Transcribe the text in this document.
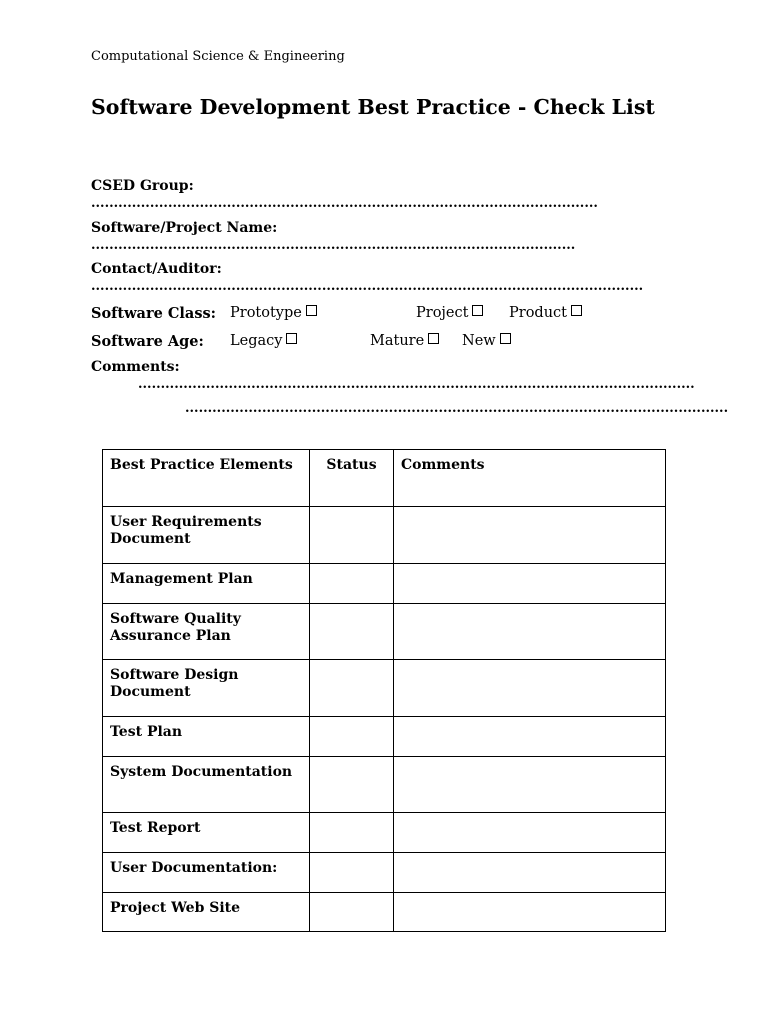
Computational Science & Engineering
Software Development Best Practice - Check List
CSED Group:
................................................................................................................
Software/Project Name:
...........................................................................................................
Contact/Auditor:
..........................................................................................................................
Software Class: Prototype	Project	Product
Software Age: Legacy	Mature	New
Comments:
...........................................................................................................................
........................................................................................................................
Best Practice Elements	Status	Comments
User Requirements Document		
Management Plan		
Software Quality Assurance Plan		
Software Design Document		
Test Plan		
System Documentation		
Test Report		
User Documentation:		
Project Web Site		
